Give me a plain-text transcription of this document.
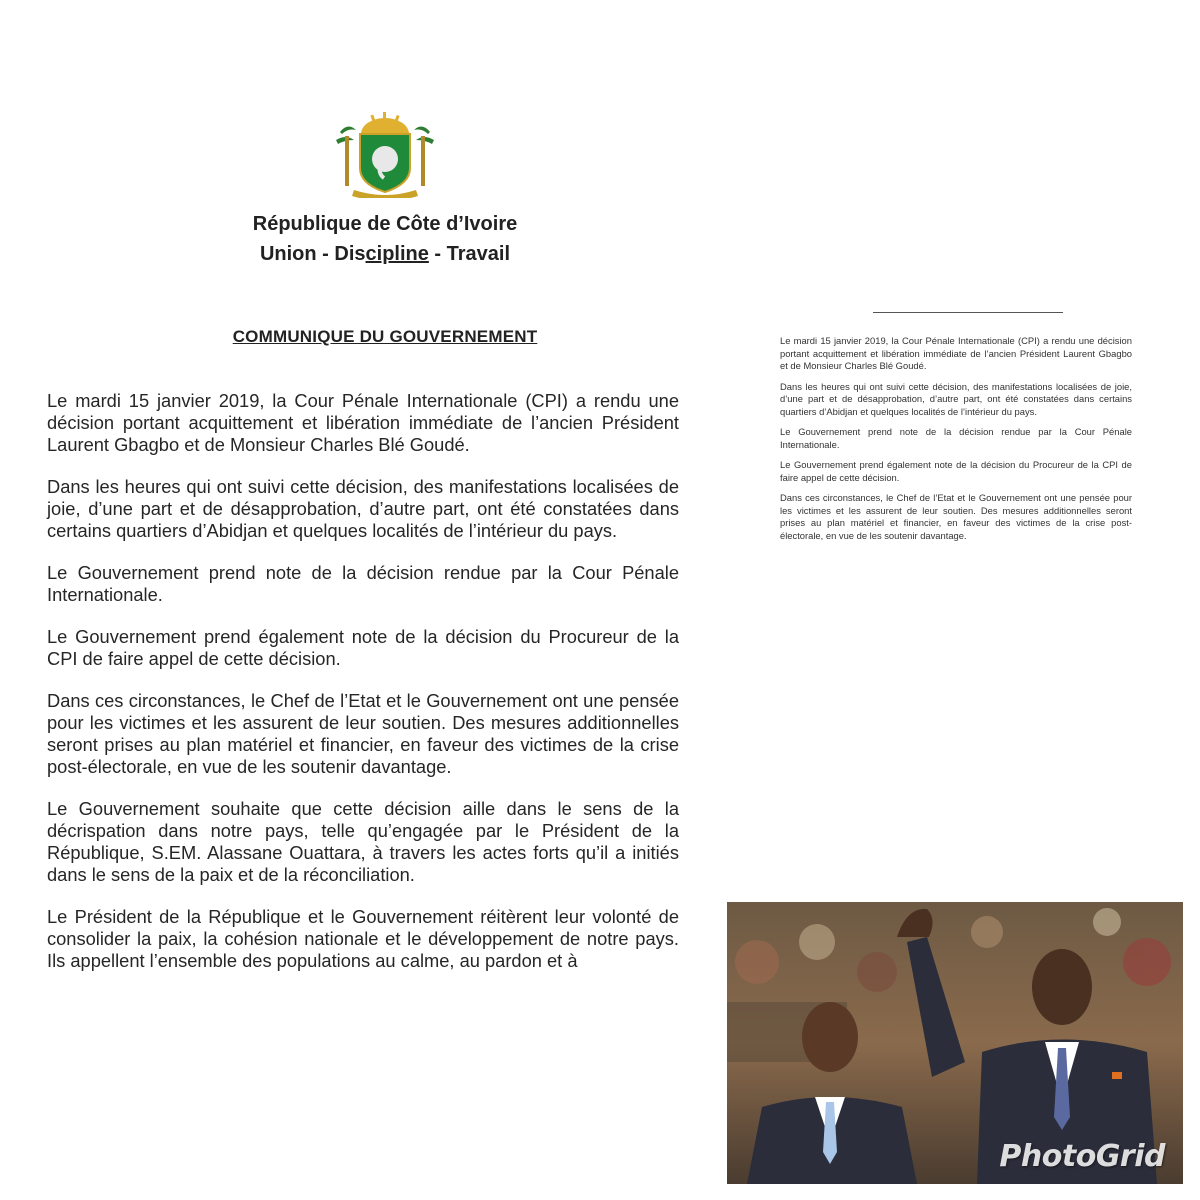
République de Côte d’Ivoire
Union - Discipline - Travail
COMMUNIQUE DU GOUVERNEMENT

Le mardi 15 janvier 2019, la Cour Pénale Internationale (CPI) a rendu une décision portant acquittement et libération immédiate de l’ancien Président Laurent Gbagbo et de Monsieur Charles Blé Goudé.

Dans les heures qui ont suivi cette décision, des manifestations localisées de joie, d’une part et de désapprobation, d’autre part, ont été constatées dans certains quartiers d’Abidjan et quelques localités de l’intérieur du pays.

Le Gouvernement prend note de la décision rendue par la Cour Pénale Internationale.

Le Gouvernement prend également note de la décision du Procureur de la CPI de faire appel de cette décision.

Dans ces circonstances, le Chef de l’Etat et le Gouvernement ont une pensée pour les victimes et les assurent de leur soutien. Des mesures additionnelles seront prises au plan matériel et financier, en faveur des victimes de la crise post-électorale, en vue de les soutenir davantage.

Le Gouvernement souhaite que cette décision aille dans le sens de la décrispation dans notre pays, telle qu’engagée par le Président de la République, S.EM. Alassane Ouattara, à travers les actes forts qu’il a initiés dans le sens de la paix et de la réconciliation.

Le Président de la République et le Gouvernement réitèrent leur volonté de consolider la paix, la cohésion nationale et le développement de notre pays. Ils appellent l’ensemble des populations au calme, au pardon et à

Le mardi 15 janvier 2019, la Cour Pénale Internationale (CPI) a rendu une décision portant acquittement et libération immédiate de l’ancien Président Laurent Gbagbo et de Monsieur Charles Blé Goudé.

Dans les heures qui ont suivi cette décision, des manifestations localisées de joie, d’une part et de désapprobation, d’autre part, ont été constatées dans certains quartiers d’Abidjan et quelques localités de l’intérieur du pays.

Le Gouvernement prend note de la décision rendue par la Cour Pénale Internationale.

Le Gouvernement prend également note de la décision du Procureur de la CPI de faire appel de cette décision.

Dans ces circonstances, le Chef de l’Etat et le Gouvernement ont une pensée pour les victimes et les assurent de leur soutien. Des mesures additionnelles seront prises au plan matériel et financier, en faveur des victimes de la crise post-électorale, en vue de les soutenir davantage.

PhotoGrid
